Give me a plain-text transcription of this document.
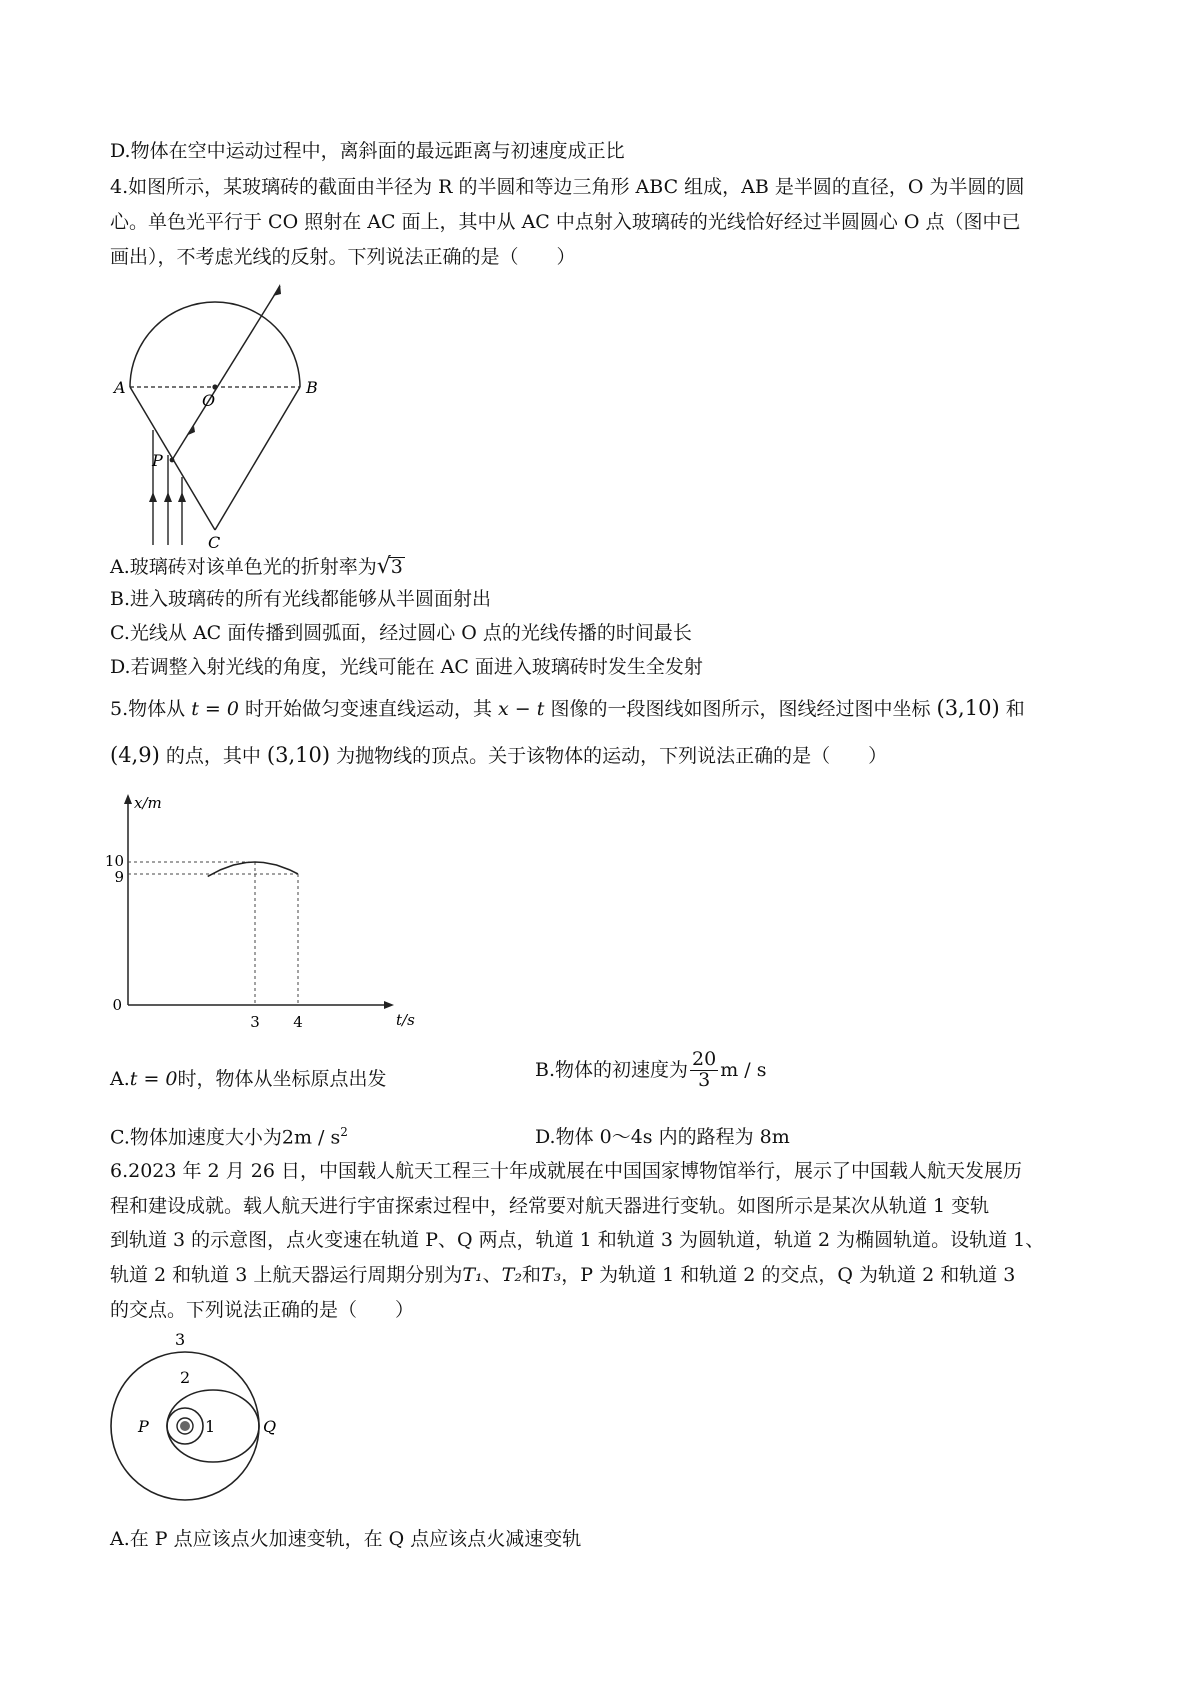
D.物体在空中运动过程中，离斜面的最远距离与初速度成正比
4.如图所示，某玻璃砖的截面由半径为 R 的半圆和等边三角形 ABC 组成，AB 是半圆的直径，O 为半圆的圆
心。单色光平行于 CO 照射在 AC 面上，其中从 AC 中点射入玻璃砖的光线恰好经过半圆圆心 O 点（图中已
画出），不考虑光线的反射。下列说法正确的是（　　）
A	B
O
P
C
A.玻璃砖对该单色光的折射率为√3
B.进入玻璃砖的所有光线都能够从半圆面射出
C.光线从 AC 面传播到圆弧面，经过圆心 O 点的光线传播的时间最长
D.若调整入射光线的角度，光线可能在 AC 面进入玻璃砖时发生全发射
5.物体从 t = 0 时开始做匀变速直线运动，其 x − t 图像的一段图线如图所示，图线经过图中坐标 (3,10) 和
(4,9) 的点，其中 (3,10) 为抛物线的顶点。关于该物体的运动，下列说法正确的是（　　）
x/m
t/s
0
3 4
10
9
A.t = 0时，物体从坐标原点出发	B.物体的初速度为 $\frac{20}{3}$ m / s
C.物体加速度大小为$2m / s^2$	D.物体 0～4s 内的路程为 8m
6.2023 年 2 月 26 日，中国载人航天工程三十年成就展在中国国家博物馆举行，展示了中国载人航天发展历
程和建设成就。载人航天进行宇宙探索过程中，经常要对航天器进行变轨。如图所示是某次从轨道 1 变轨
到轨道 3 的示意图，点火变速在轨道 P、Q 两点，轨道 1 和轨道 3 为圆轨道，轨道 2 为椭圆轨道。设轨道 1、
轨道 2 和轨道 3 上航天器运行周期分别为T₁、T₂和T₃，P 为轨道 1 和轨道 2 的交点，Q 为轨道 2 和轨道 3
的交点。下列说法正确的是（　　）
3
2
1
P	Q
A.在 P 点应该点火加速变轨，在 Q 点应该点火减速变轨
